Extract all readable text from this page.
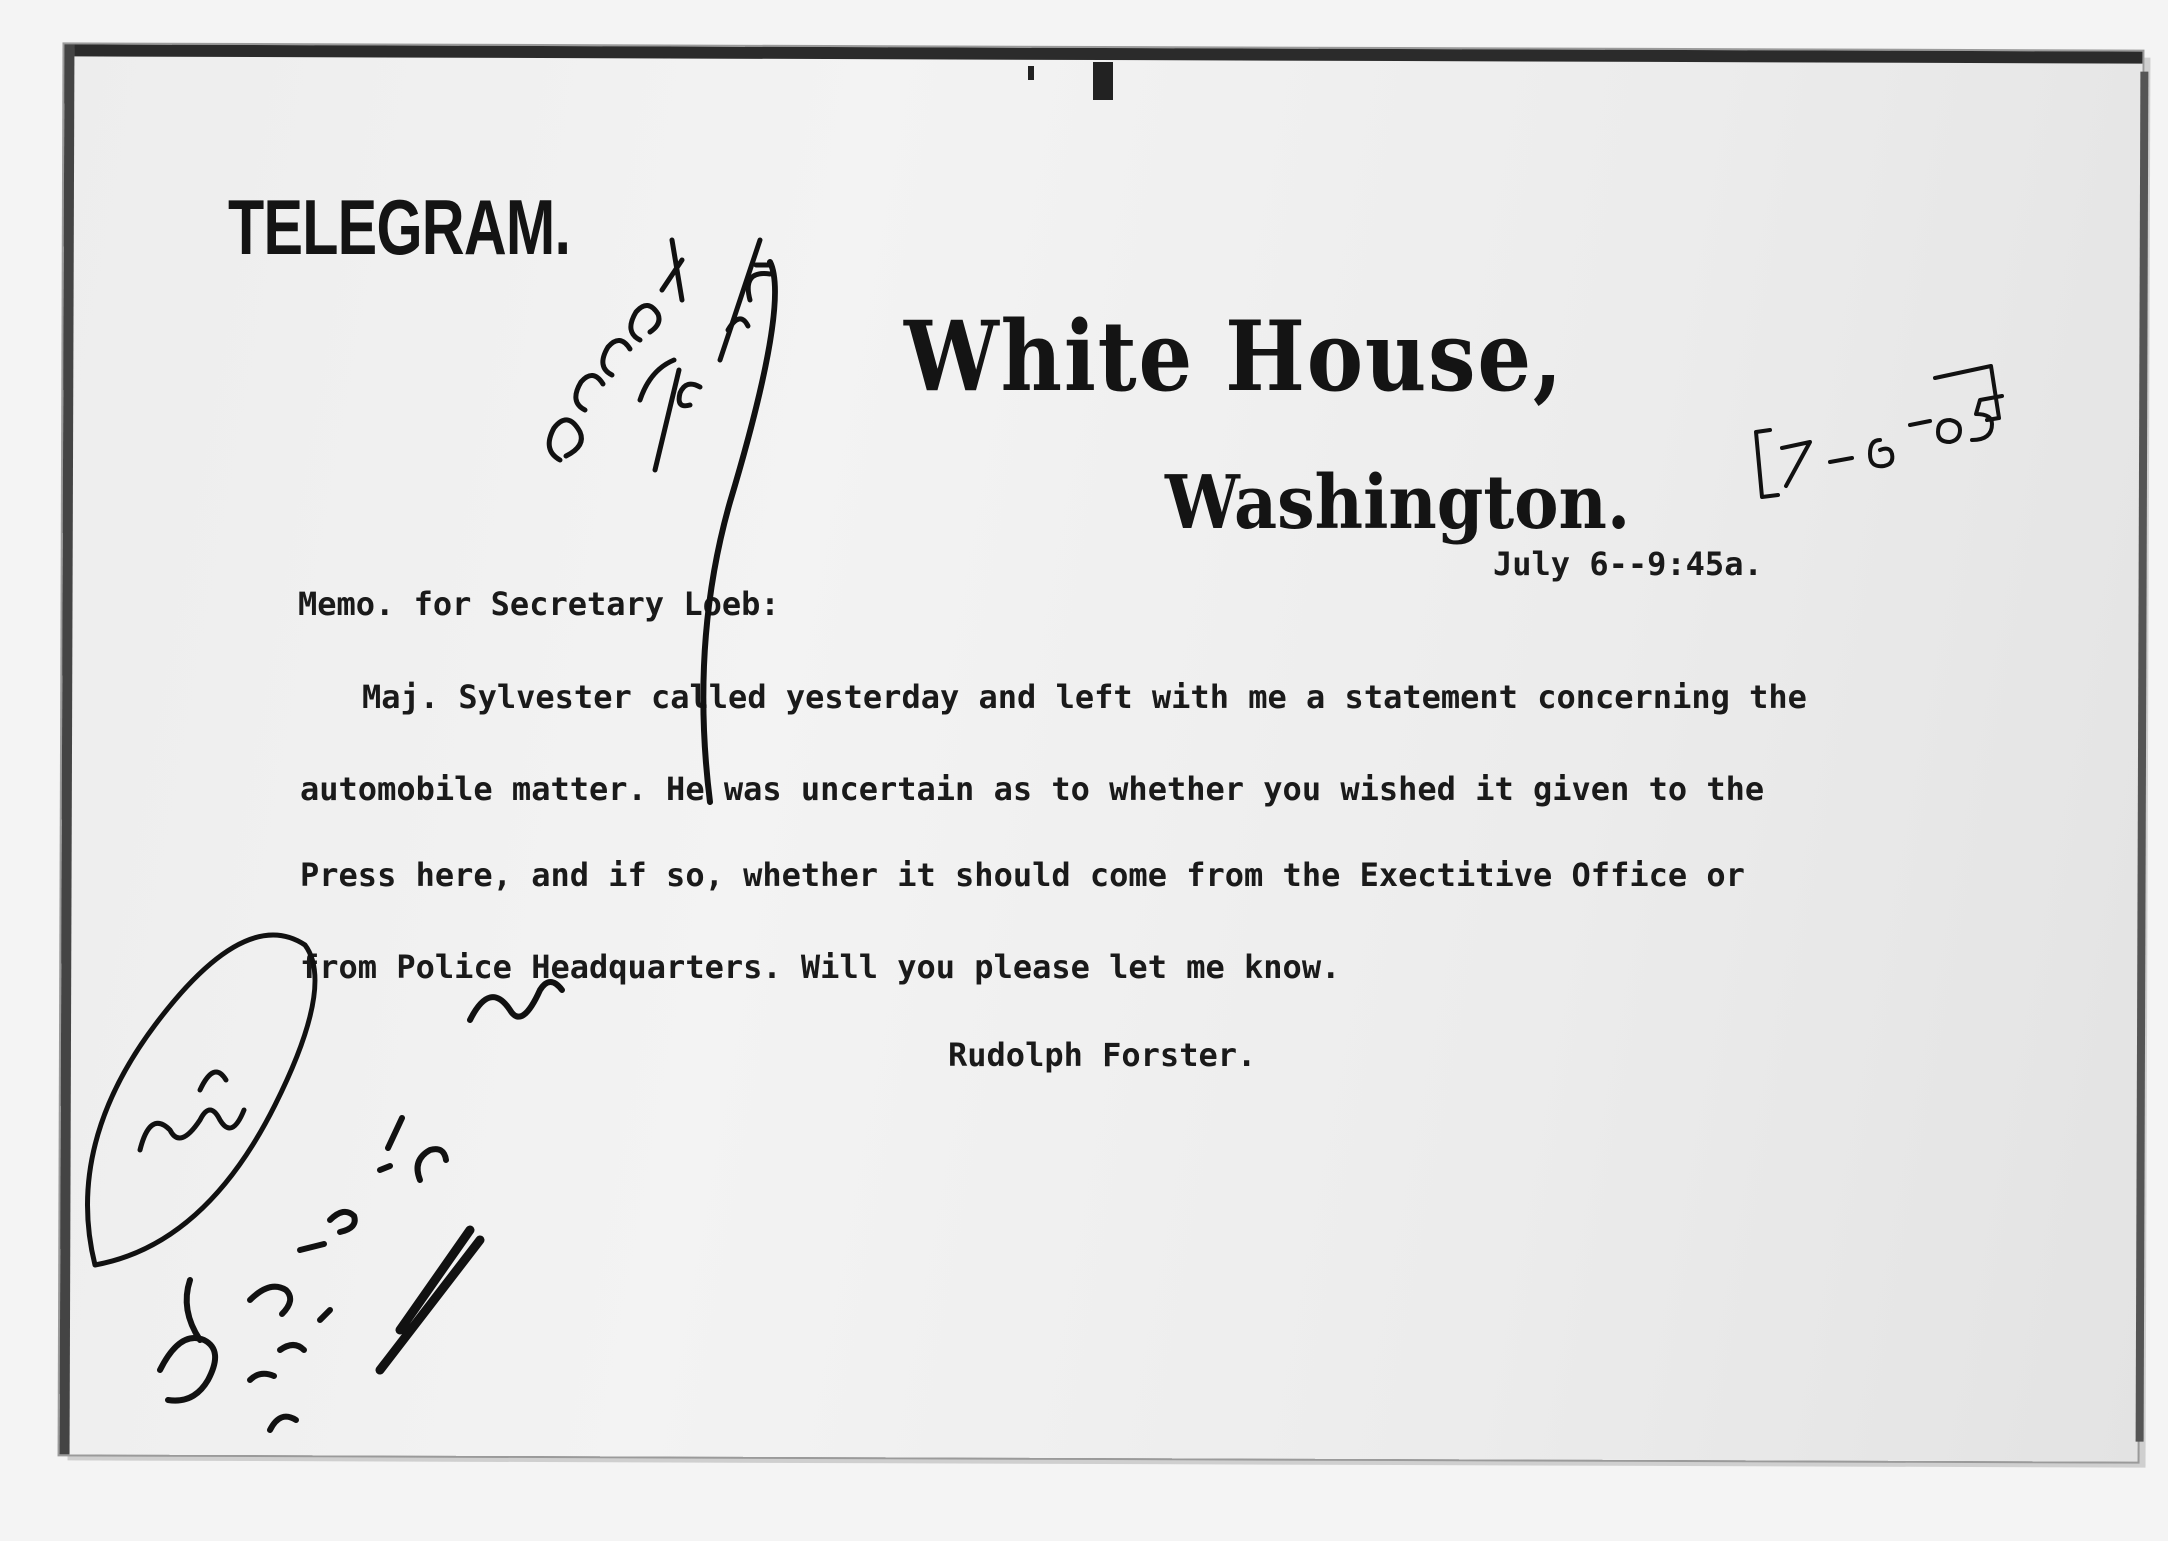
TELEGRAM.
White House,
Washington.
July 6--9:45a.
Memo. for Secretary Loeb:
Maj. Sylvester called yesterday and left with me a statement concerning the
automobile matter. He was uncertain as to whether you wished it given to the
Press here, and if so, whether it should come from the Exectitive Office or
from Police Headquarters. Will you please let me know.
Rudolph Forster.
